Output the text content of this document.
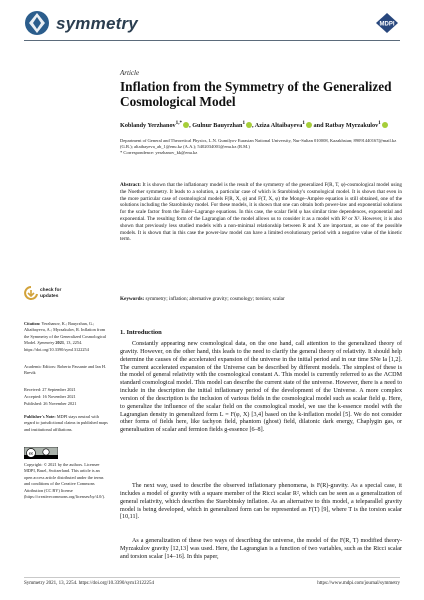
symmetry	MDPI
Article
Inflation from the Symmetry of the Generalized Cosmological Model
Koblandy Yerzhanov$^{1,*}$ , Gulnur Bauyrzhan$^1$ , Aziza Altaibayeva$^1$ and Ratbay Myrzakulov$^1$
Department of General and Theoretical Physics, L.N. Gumilyov Eurasian National University, Nur-Sultan 010008, Kazakhstan; 89091440167@mail.kz (G.B.); altaibayeva_ab_1@enu.kz (A.A.); 5402034001@enu.kz (R.M.)
* Correspondence: yerzhanov_kk@enu.kz
Abstract: It is shown that the inflationary model is the result of the symmetry of the generalized F(R, T, φ)-cosmological model using the Noether symmetry. It leads to a solution, a particular case of which is Starobinsky's cosmological model. It is shown that even in the more particular case of cosmological models F(R, X, φ) and F(T, X, φ) the Monge–Ampère equation is still obtained, one of the solutions including the Starobinsky model. For these models, it is shown that one can obtain both power-law and exponential solutions for the scale factor from the Euler–Lagrange equations. In this case, the scalar field φ has similar time dependences, exponential and exponential. The resulting form of the Lagrangian of the model allows us to consider it as a model with R² or X². However, it is also shown that previously less studied models with a non-minimal relationship between R and X are important, as one of the possible models. It is shown that in this case the power-law model can have a limited evolutionary period with a negative value of the kinetic term.
Keywords: symmetry; inflation; alternative gravity; cosmology; torsion; scalar
check for
updates
Citation: Yerzhanov, K.; Bauyrzhan, G.; Altaibayeva, A.; Myrzakulov, R. Inflation from the Symmetry of the Generalized Cosmological Model. Symmetry 2021, 13, 2254. https://doi.org/10.3390/sym13122254
Academic Editors: Roberto Passante and Ian H. Brevik
Received: 27 September 2021
Accepted: 16 November 2021
Published: 26 November 2021
Publisher's Note: MDPI stays neutral with regard to jurisdictional claims in published maps and institutional affiliations.
cc
Copyright: © 2021 by the authors. Licensee MDPI, Basel, Switzerland. This article is an open access article distributed under the terms and conditions of the Creative Commons Attribution (CC BY) license (https://creativecommons.org/licenses/by/4.0/).
1. Introduction
Constantly appearing new cosmological data, on the one hand, call attention to the generalized theory of gravity. However, on the other hand, this leads to the need to clarify the general theory of relativity. It should help determine the causes of the accelerated expansion of the universe in the initial period and in our time SNe Ia [1,2]. The current accelerated expansion of the Universe can be described by different models. The simplest of these is the model of general relativity with the cosmological constant Λ. This model is currently referred to as the ΛCDM standard cosmological model. This model can describe the current state of the universe. However, there is a need to include in the description the initial inflationary period of the development of the Universe. A more complex version of the description is the inclusion of various fields in the cosmological model such as scalar field φ. Here, to generalize the influence of the scalar field on the cosmological model, we use the k-essence model with the Lagrangian density in generalized form L = F(φ, X) [3,4] based on the k-inflation model [5]. We do not consider other forms of fields here, like tachyon field, phantom (ghost) field, dilatonic dark energy, Chaplygin gas, or generalisation of scalar and fermion fields g-essence [6–8].
The next way, used to describe the observed inflationary phenomena, is F(R)-gravity. As a special case, it includes a model of gravity with a square member of the Ricci scalar R², which can be seen as a generalization of general relativity, which describes the Starobinsky inflation. As an alternative to this model, a teleparallel gravity model is being developed, which in generalized form can be represented as F(T) [9], where T is the torsion scalar [10,11].
As a generalization of these two ways of describing the universe, the model of the F(R, T) modified theory-Myrzakulov gravity [12,13] was used. Here, the Lagrangian is a function of two variables, such as the Ricci scalar and torsion scalar [14–16]. In this paper,
Symmetry 2021, 13, 2254. https://doi.org/10.3390/sym13122254	https://www.mdpi.com/journal/symmetry
